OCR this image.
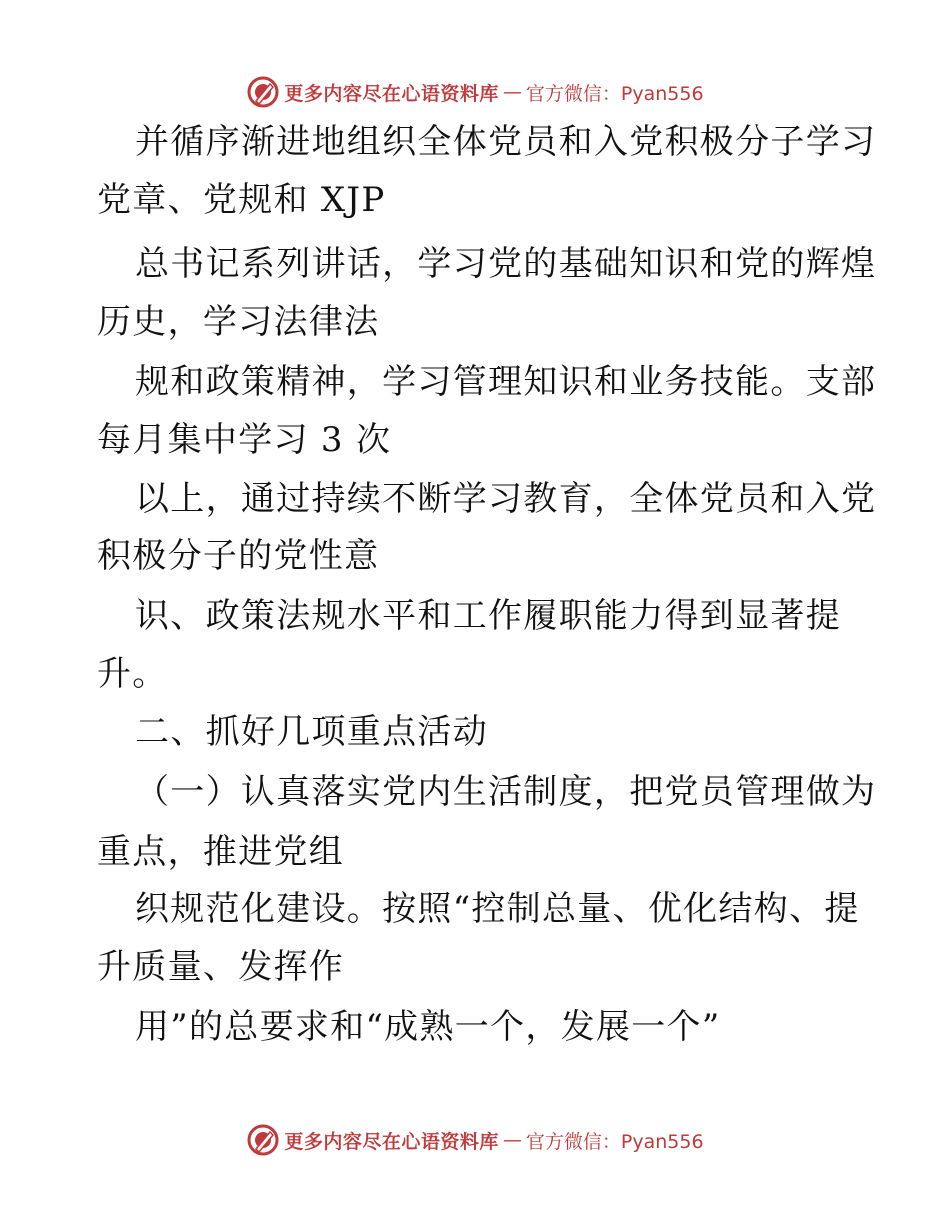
更多内容尽在心语资料库 — 官方微信：Pyan556
并循序渐进地组织全体党员和入党积极分子学习
党章、党规和 XJP
总书记系列讲话，学习党的基础知识和党的辉煌
历史，学习法律法
规和政策精神，学习管理知识和业务技能。支部
每月集中学习 3 次
以上，通过持续不断学习教育，全体党员和入党
积极分子的党性意
识、政策法规水平和工作履职能力得到显著提
升。
二、抓好几项重点活动
（一）认真落实党内生活制度，把党员管理做为
重点，推进党组
织规范化建设。按照“控制总量、优化结构、提
升质量、发挥作
用”的总要求和“成熟一个，发展一个”
更多内容尽在心语资料库 — 官方微信：Pyan556
